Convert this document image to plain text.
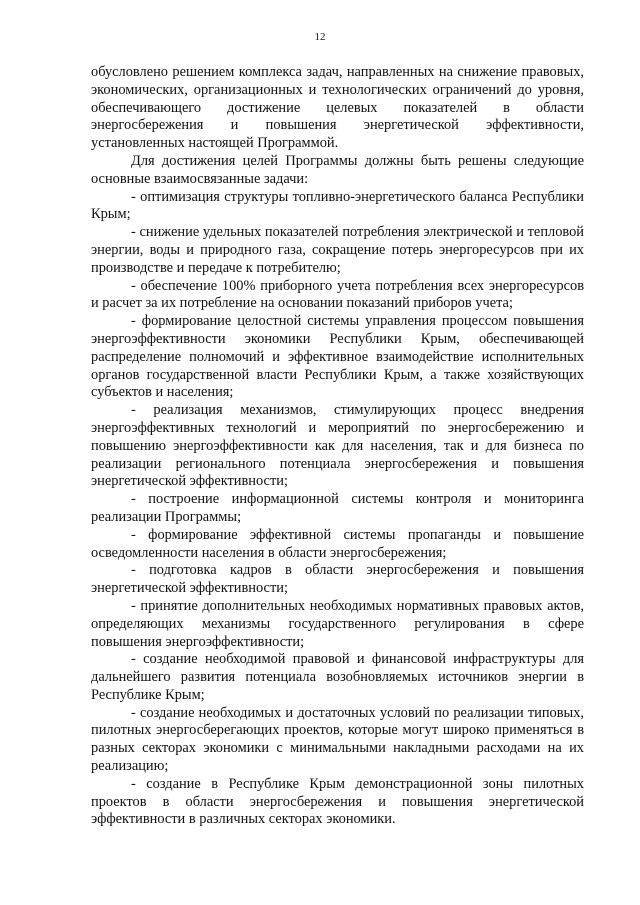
12

обусловлено решением комплекса задач, направленных на снижение правовых, экономических, организационных и технологических ограничений до уровня, обеспечивающего достижение целевых показателей в области энергосбережения и повышения энергетической эффективности, установленных настоящей Программой.

Для достижения целей Программы должны быть решены следующие основные взаимосвязанные задачи:

- оптимизация структуры топливно-энергетического баланса Республики Крым;

- снижение удельных показателей потребления электрической и тепловой энергии, воды и природного газа, сокращение потерь энергоресурсов при их производстве и передаче к потребителю;

- обеспечение 100% приборного учета потребления всех энергоресурсов и расчет за их потребление на основании показаний приборов учета;

- формирование целостной системы управления процессом повышения энергоэффективности экономики Республики Крым, обеспечивающей распределение полномочий и эффективное взаимодействие исполнительных органов государственной власти Республики Крым, а также хозяйствующих субъектов и населения;

- реализация механизмов, стимулирующих процесс внедрения энергоэффективных технологий и мероприятий по энергосбережению и повышению энергоэффективности как для населения, так и для бизнеса по реализации регионального потенциала энергосбережения и повышения энергетической эффективности;

- построение информационной системы контроля и мониторинга реализации Программы;

- формирование эффективной системы пропаганды и повышение осведомленности населения в области энергосбережения;

- подготовка кадров в области энергосбережения и повышения энергетической эффективности;

- принятие дополнительных необходимых нормативных правовых актов, определяющих механизмы государственного регулирования в сфере повышения энергоэффективности;

- создание необходимой правовой и финансовой инфраструктуры для дальнейшего развития потенциала возобновляемых источников энергии в Республике Крым;

- создание необходимых и достаточных условий по реализации типовых, пилотных энергосберегающих проектов, которые могут широко применяться в разных секторах экономики с минимальными накладными расходами на их реализацию;

- создание в Республике Крым демонстрационной зоны пилотных проектов в области энергосбережения и повышения энергетической эффективности в различных секторах экономики.
